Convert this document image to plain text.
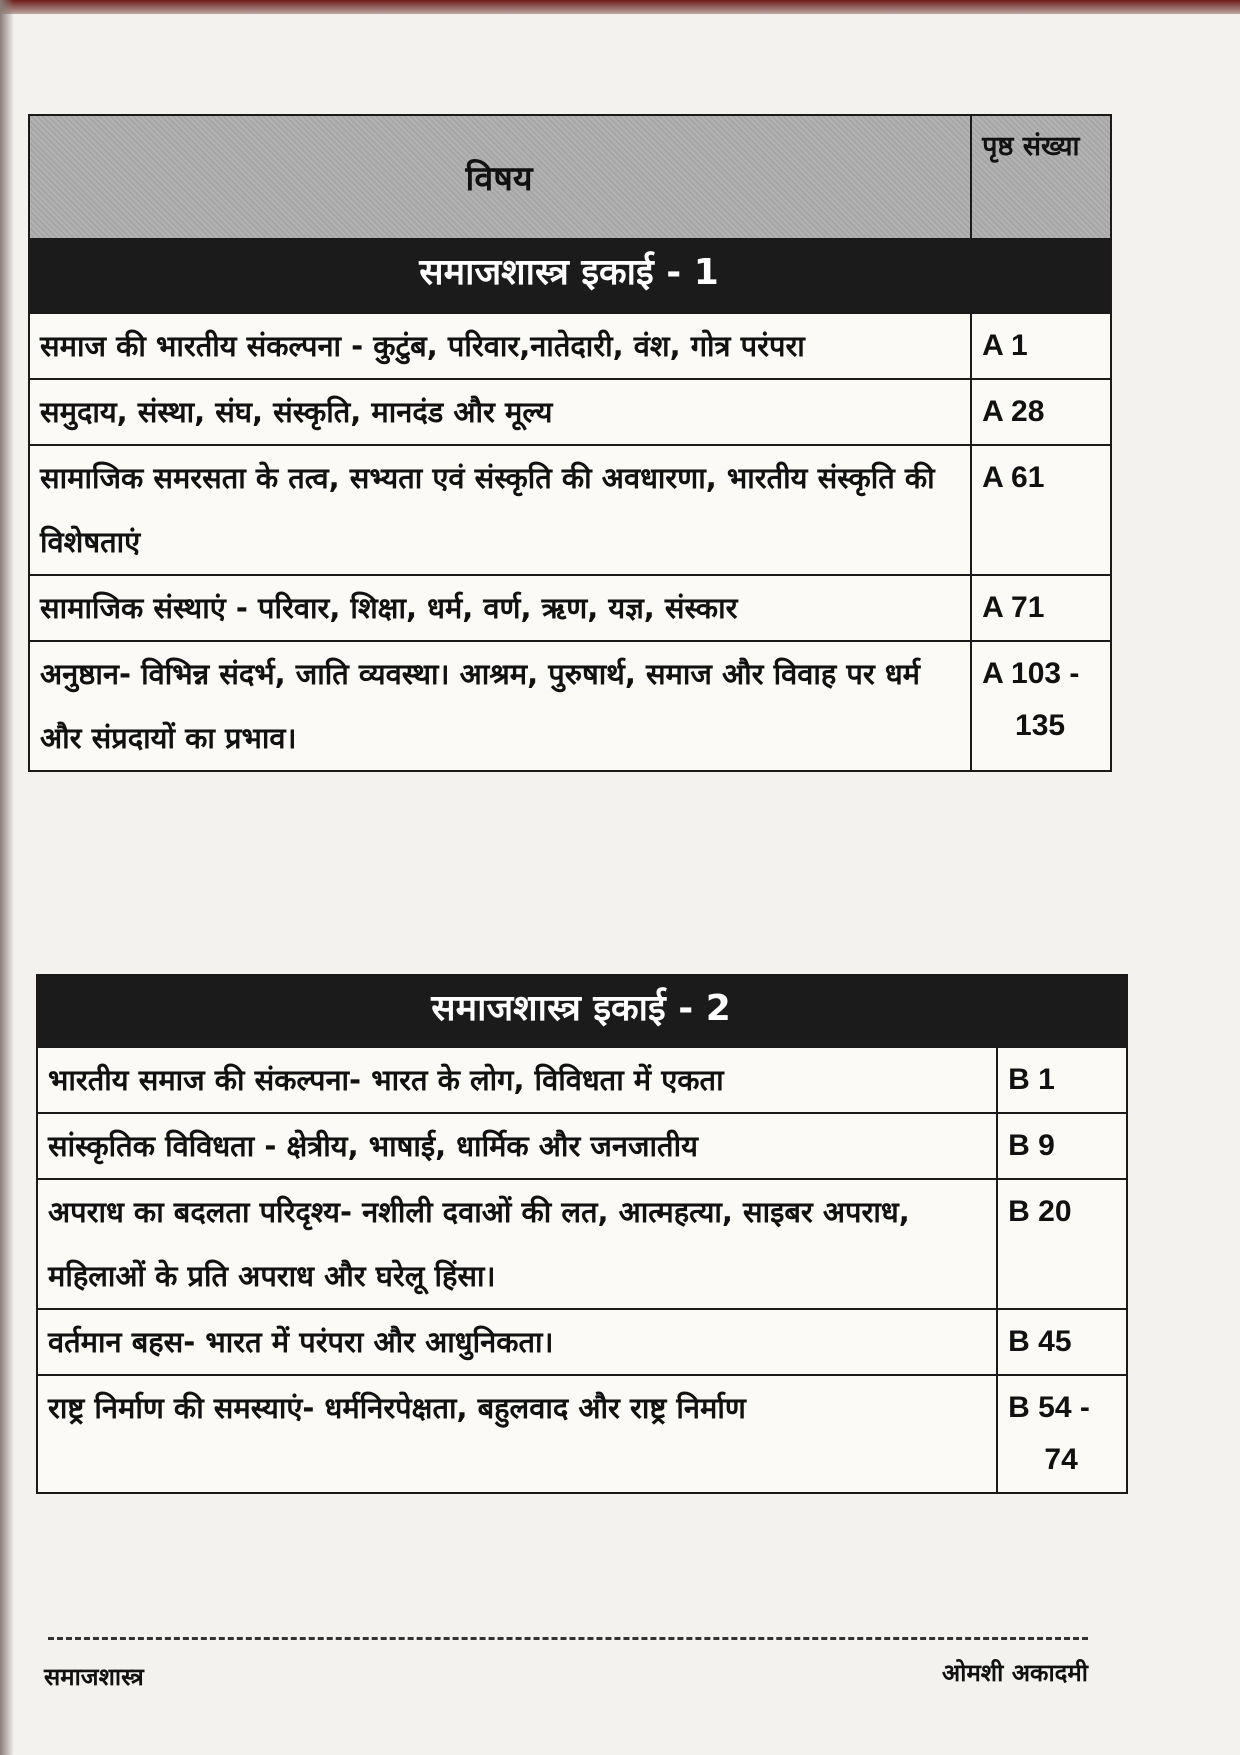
विषय	पृष्ठ संख्या
समाजशास्त्र इकाई - 1	
समाज की भारतीय संकल्पना - कुटुंब, परिवार,नातेदारी, वंश, गोत्र परंपरा	A 1
समुदाय, संस्था, संघ, संस्कृति, मानदंड और मूल्य	A 28
सामाजिक समरसता के तत्व, सभ्यता एवं संस्कृति की अवधारणा, भारतीय संस्कृति की विशेषताएं	A 61
सामाजिक संस्थाएं - परिवार, शिक्षा, धर्म, वर्ण, ऋण, यज्ञ, संस्कार	A 71
अनुष्ठान- विभिन्न संदर्भ, जाति व्यवस्था। आश्रम, पुरुषार्थ, समाज और विवाह पर धर्म और संप्रदायों का प्रभाव।	A 103 -
135
समाजशास्त्र इकाई - 2	
भारतीय समाज की संकल्पना- भारत के लोग, विविधता में एकता	B 1
सांस्कृतिक विविधता - क्षेत्रीय, भाषाई, धार्मिक और जनजातीय	B 9
अपराध का बदलता परिदृश्य- नशीली दवाओं की लत, आत्महत्या, साइबर अपराध, महिलाओं के प्रति अपराध और घरेलू हिंसा।	B 20
वर्तमान बहस- भारत में परंपरा और आधुनिकता।	B 45
राष्ट्र निर्माण की समस्याएं- धर्मनिरपेक्षता, बहुलवाद और राष्ट्र निर्माण	B 54 -
74
समाजशास्त्र	ओमशी अकादमी
